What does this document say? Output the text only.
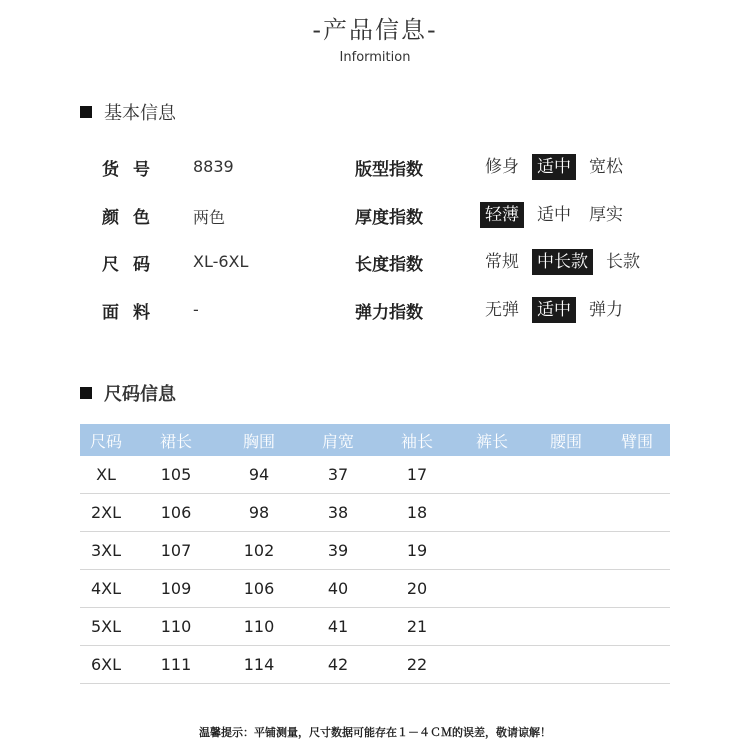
-产品信息-
Informition
基本信息
货号 8839
颜色 两色
尺码 XL-6XL
面料 -
版型指数	修身 适中 宽松
厚度指数	轻薄 适中 厚实
长度指数	常规 中长款 长款
弹力指数	无弹 适中 弹力
尺码信息
尺码	裙长	胸围	肩宽	袖长	裤长	腰围	臂围
XL	105	94	37	17
2XL	106	98	38	18
3XL	107	102	39	19
4XL	109	106	40	20
5XL	110	110	41	21
6XL	111	114	42	22
温馨提示：平铺测量，尺寸数据可能存在１－４ＣＭ的误差，敬请谅解！
